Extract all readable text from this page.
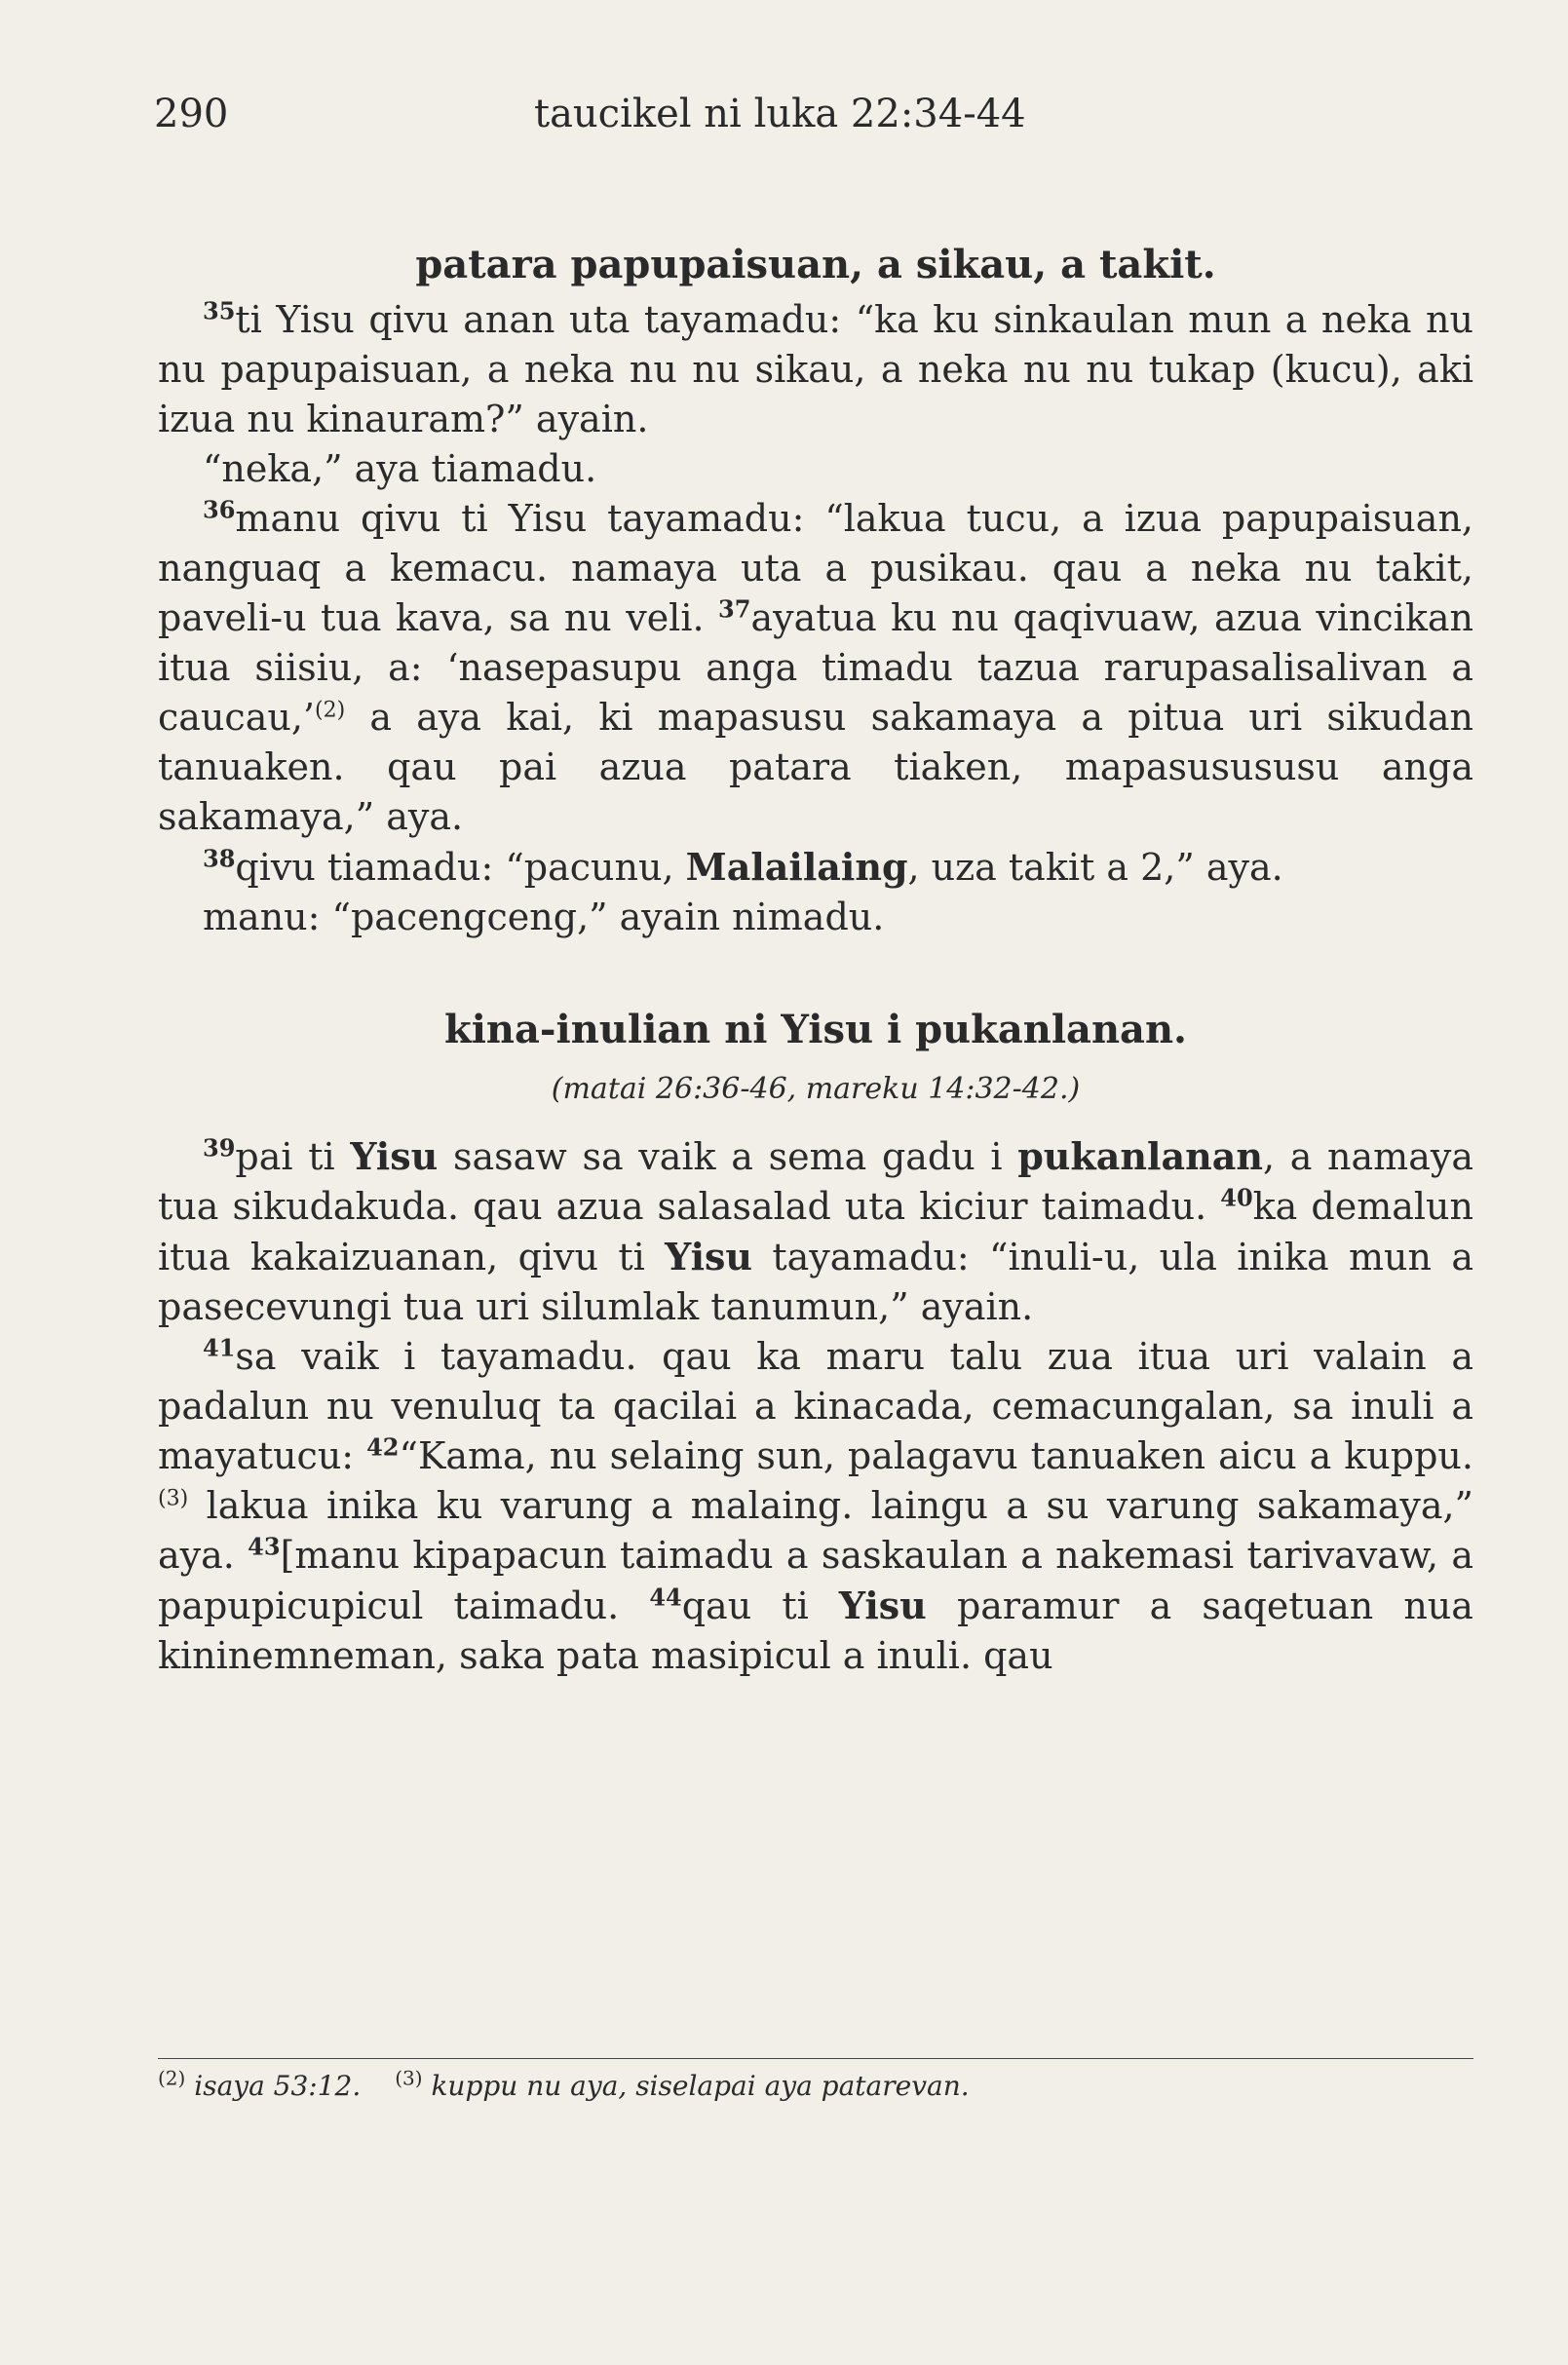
290	taucikel ni luka 22:34-44

patara papupaisuan, a sikau, a takit.

$^{35}$ti Yisu qivu anan uta tayamadu: “ka ku sinkaulan mun a neka nu nu papupaisuan, a neka nu nu sikau, a neka nu nu tukap (kucu), aki izua nu kinauram?” ayain.

“neka,” aya tiamadu.

$^{36}$manu qivu ti Yisu tayamadu: “lakua tucu, a izua papupaisuan, nanguaq a kemacu. namaya uta a pusikau. qau a neka nu takit, paveli-u tua kava, sa nu veli. $^{37}$ayatua ku nu qaqivuaw, azua vincikan itua siisiu, a: ‘nasepasupu anga timadu tazua rarupasalisalivan a caucau,’$^{(2)}$ a aya kai, ki mapasusu sakamaya a pitua uri sikudan tanuaken. qau pai azua patara tiaken, mapasusususu anga sakamaya,” aya.

$^{38}$qivu tiamadu: “pacunu, Malailaing, uza takit a 2,” aya.

manu: “pacengceng,” ayain nimadu.

kina-inulian ni Yisu i pukanlanan.

(matai 26:36-46, mareku 14:32-42.)

$^{39}$pai ti Yisu sasaw sa vaik a sema gadu i pukanlanan, a namaya tua sikudakuda. qau azua salasalad uta kiciur taimadu. $^{40}$ka demalun itua kakaizuanan, qivu ti Yisu tayamadu: “inuli-u, ula inika mun a pasecevungi tua uri silumlak tanumun,” ayain.

$^{41}$sa vaik i tayamadu. qau ka maru talu zua itua uri valain a padalun nu venuluq ta qacilai a kinacada, cemacungalan, sa inuli a mayatucu: $^{42}$“Kama, nu selaing sun, palagavu tanuaken aicu a kuppu.$^{(3)}$ lakua inika ku varung a malaing. laingu a su varung sakamaya,” aya. $^{43}$[manu kipapacun taimadu a saskaulan a nakemasi tarivavaw, a papupicupicul taimadu. $^{44}$qau ti Yisu paramur a saqetuan nua kininemneman, saka pata masipicul a inuli. qau

$^{(2)}$ isaya 53:12. $^{(3)}$ kuppu nu aya, siselapai aya patarevan.
